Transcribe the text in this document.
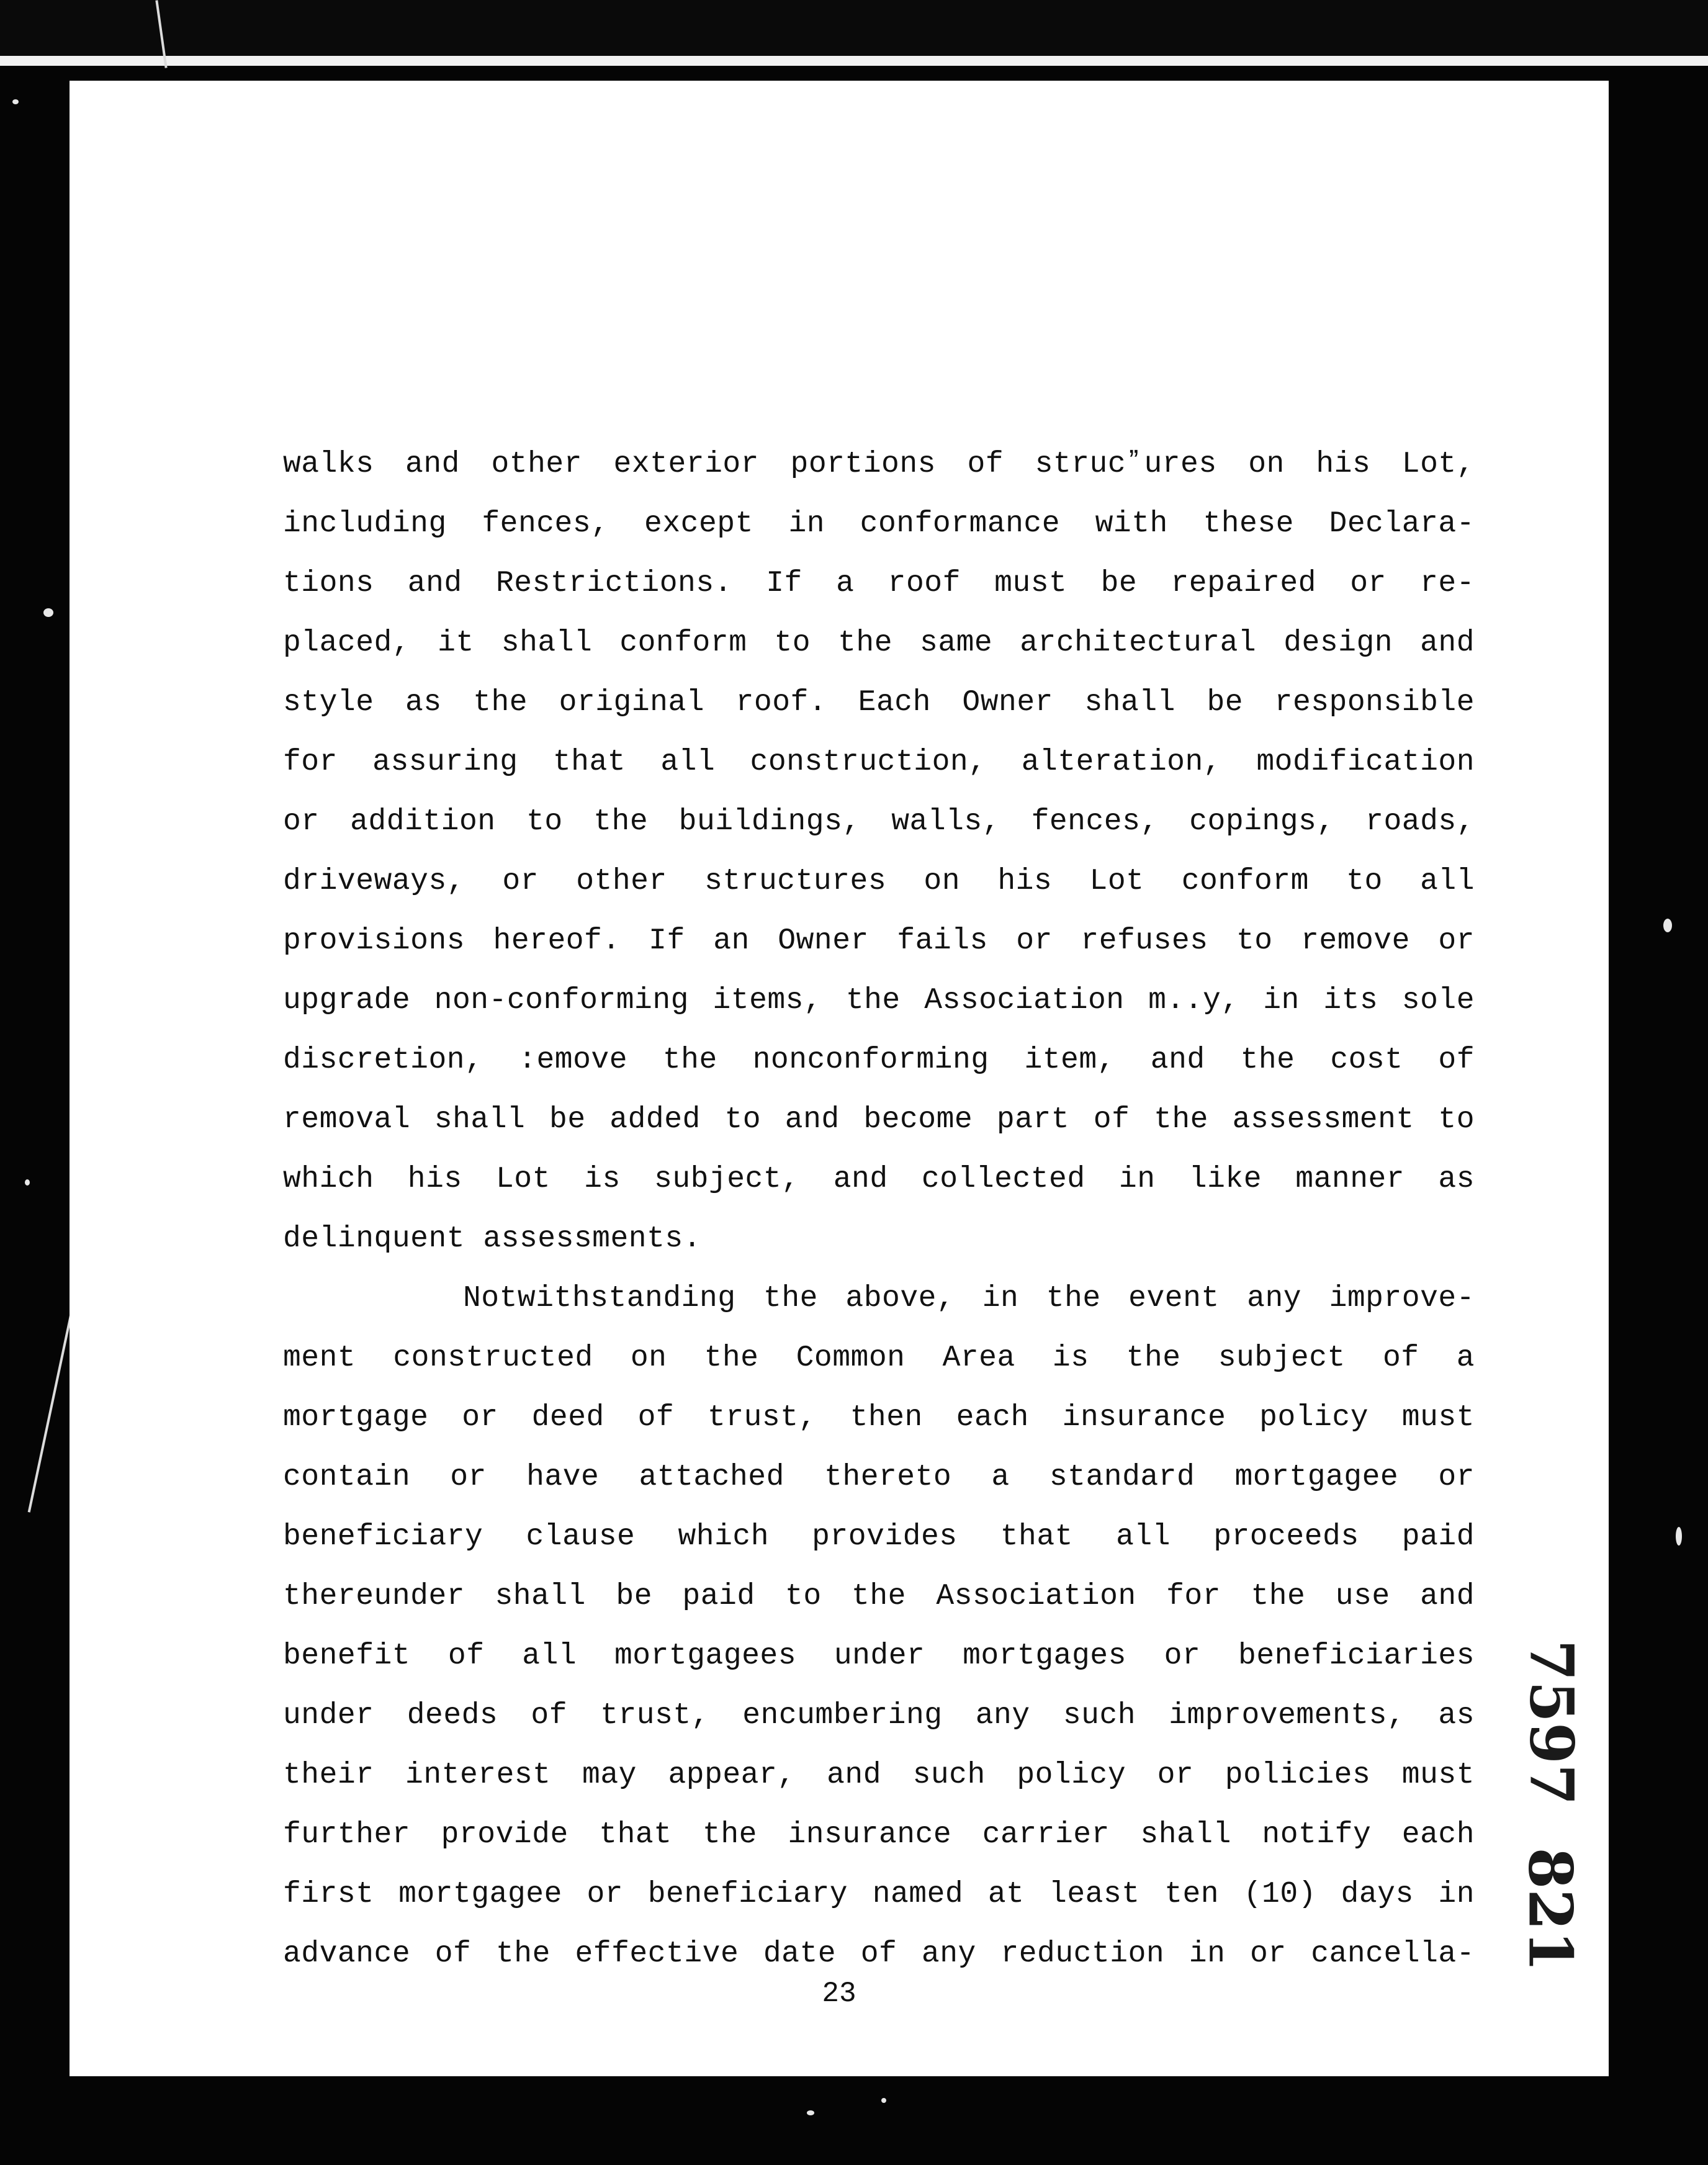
walks and other exterior portions of strucˮures on his Lot,
including fences, except in conformance with these Declara-
tions and Restrictions. If a roof must be repaired or re-
placed, it shall conform to the same architectural design and
style as the original roof. Each Owner shall be responsible
for assuring that all construction, alteration, modification
or addition to the buildings, walls, fences, copings, roads,
driveways, or other structures on his Lot conform to all
provisions hereof. If an Owner fails or refuses to remove or
upgrade non-conforming items, the Association m..y, in its sole
discretion, :emove the nonconforming item, and the cost of
removal shall be added to and become part of the assessment to
which his Lot is subject, and collected in like manner as
delinquent assessments.
Notwithstanding the above, in the event any improve-
ment constructed on the Common Area is the subject of a
mortgage or deed of trust, then each insurance policy must
contain or have attached thereto a standard mortgagee or
beneficiary clause which provides that all proceeds paid
thereunder shall be paid to the Association for the use and
benefit of all mortgagees under mortgages or beneficiaries
under deeds of trust, encumbering any such improvements, as
their interest may appear, and such policy or policies must
further provide that the insurance carrier shall notify each
first mortgagee or beneficiary named at least ten (10) days in
advance of the effective date of any reduction in or cancella-
7597
821
23
